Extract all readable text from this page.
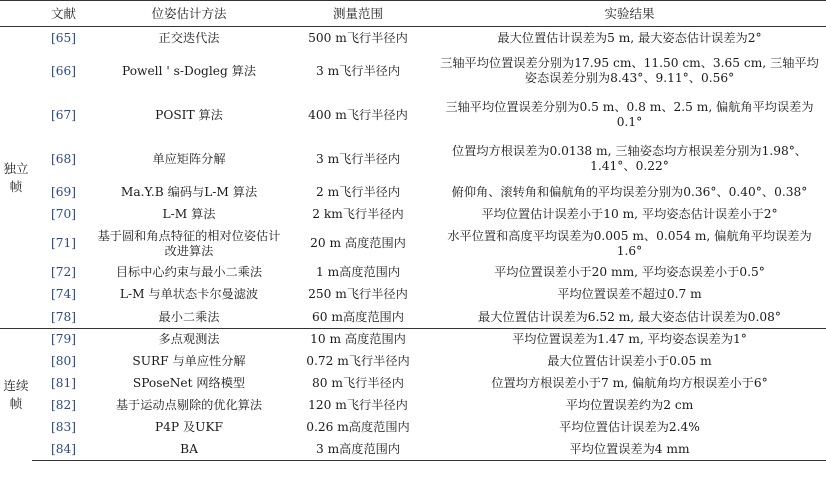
	文献	位姿估计方法	测量范围	实验结果
独立
帧	[65]	正交迭代法	500 m飞行半径内	最大位置估计误差为5 m, 最大姿态估计误差为2°
	[66]	Powell ' s-Dogleg 算法	3 m飞行半径内	三轴平均位置误差分别为17.95 cm、11.50 cm、3.65 cm, 三轴平均姿态误差分别为8.43°、9.11°、0.56°
	[67]	POSIT 算法	400 m飞行半径内	三轴平均位置误差分别为0.5 m、0.8 m、2.5 m, 偏航角平均误差为0.1°
	[68]	单应矩阵分解	3 m飞行半径内	位置均方根误差为0.0138 m, 三轴姿态均方根误差分别为1.98°、1.41°、0.22°
	[69]	Ma.Y.B 编码与L-M 算法	2 m飞行半径内	俯仰角、滚转角和偏航角的平均误差分别为0.36°、0.40°、0.38°
	[70]	L-M 算法	2 km飞行半径内	平均位置估计误差小于10 m, 平均姿态估计误差小于2°
	[71]	基于圆和角点特征的相对位姿估计改进算法	20 m 高度范围内	水平位置和高度平均误差为0.005 m、0.054 m, 偏航角平均误差为1.6°
	[72]	目标中心约束与最小二乘法	1 m高度范围内	平均位置误差小于20 mm, 平均姿态误差小于0.5°
	[74]	L-M 与单状态卡尔曼滤波	250 m飞行半径内	平均位置误差不超过0.7 m
	[78]	最小二乘法	60 m高度范围内	最大位置估计误差为6.52 m, 最大姿态估计误差为0.08°
连续
帧	[79]	多点观测法	10 m 高度范围内	平均位置误差为1.47 m, 平均姿态误差为1°
	[80]	SURF 与单应性分解	0.72 m飞行半径内	最大位置估计误差小于0.05 m
	[81]	SPoseNet 网络模型	80 m飞行半径内	位置均方根误差小于7 m, 偏航角均方根误差小于6°
	[82]	基于运动点剔除的优化算法	120 m飞行半径内	平均位置误差约为2 cm
	[83]	P4P 及UKF	0.26 m高度范围内	平均位置估计误差为2.4%
	[84]	BA	3 m高度范围内	平均位置误差为4 mm
